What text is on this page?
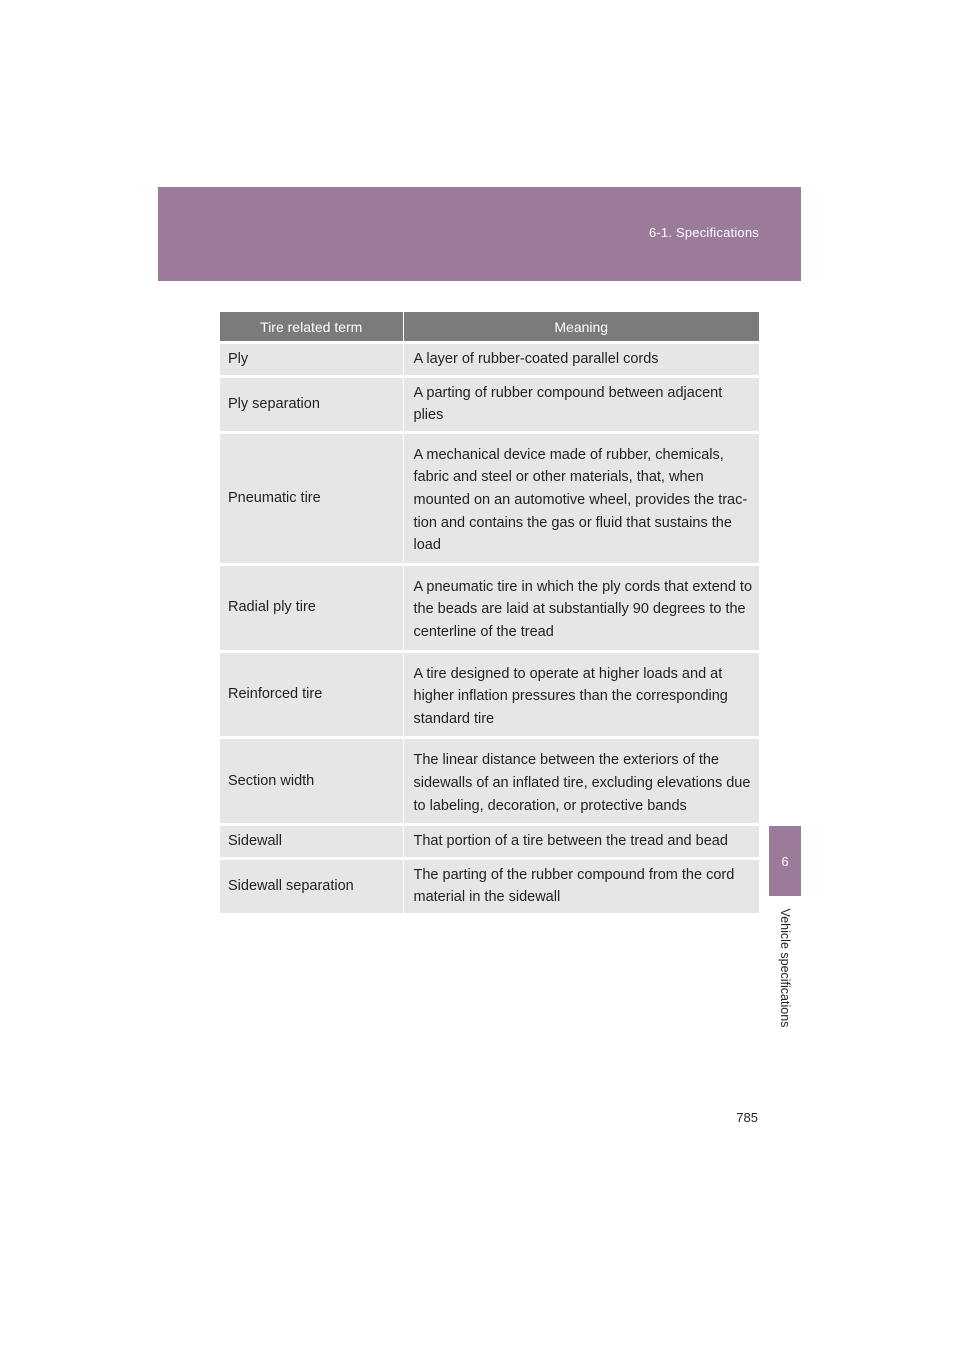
6-1. Specifications
6
Vehicle specifications
Tire related term	Meaning
Ply	A layer of rubber-coated parallel cords
Ply separation	A parting of rubber compound between adjacent plies
Pneumatic tire	A mechanical device made of rubber, chemicals, fabric and steel or other materials, that, when mounted on an automotive wheel, provides the trac-tion and contains the gas or fluid that sustains the load
Radial ply tire	A pneumatic tire in which the ply cords that extend to the beads are laid at substantially 90 degrees to the centerline of the tread
Reinforced tire	A tire designed to operate at higher loads and at higher inflation pressures than the corresponding standard tire
Section width	The linear distance between the exteriors of the sidewalls of an inflated tire, excluding elevations due to labeling, decoration, or protective bands
Sidewall	That portion of a tire between the tread and bead
Sidewall separation	The parting of the rubber compound from the cord material in the sidewall
785
